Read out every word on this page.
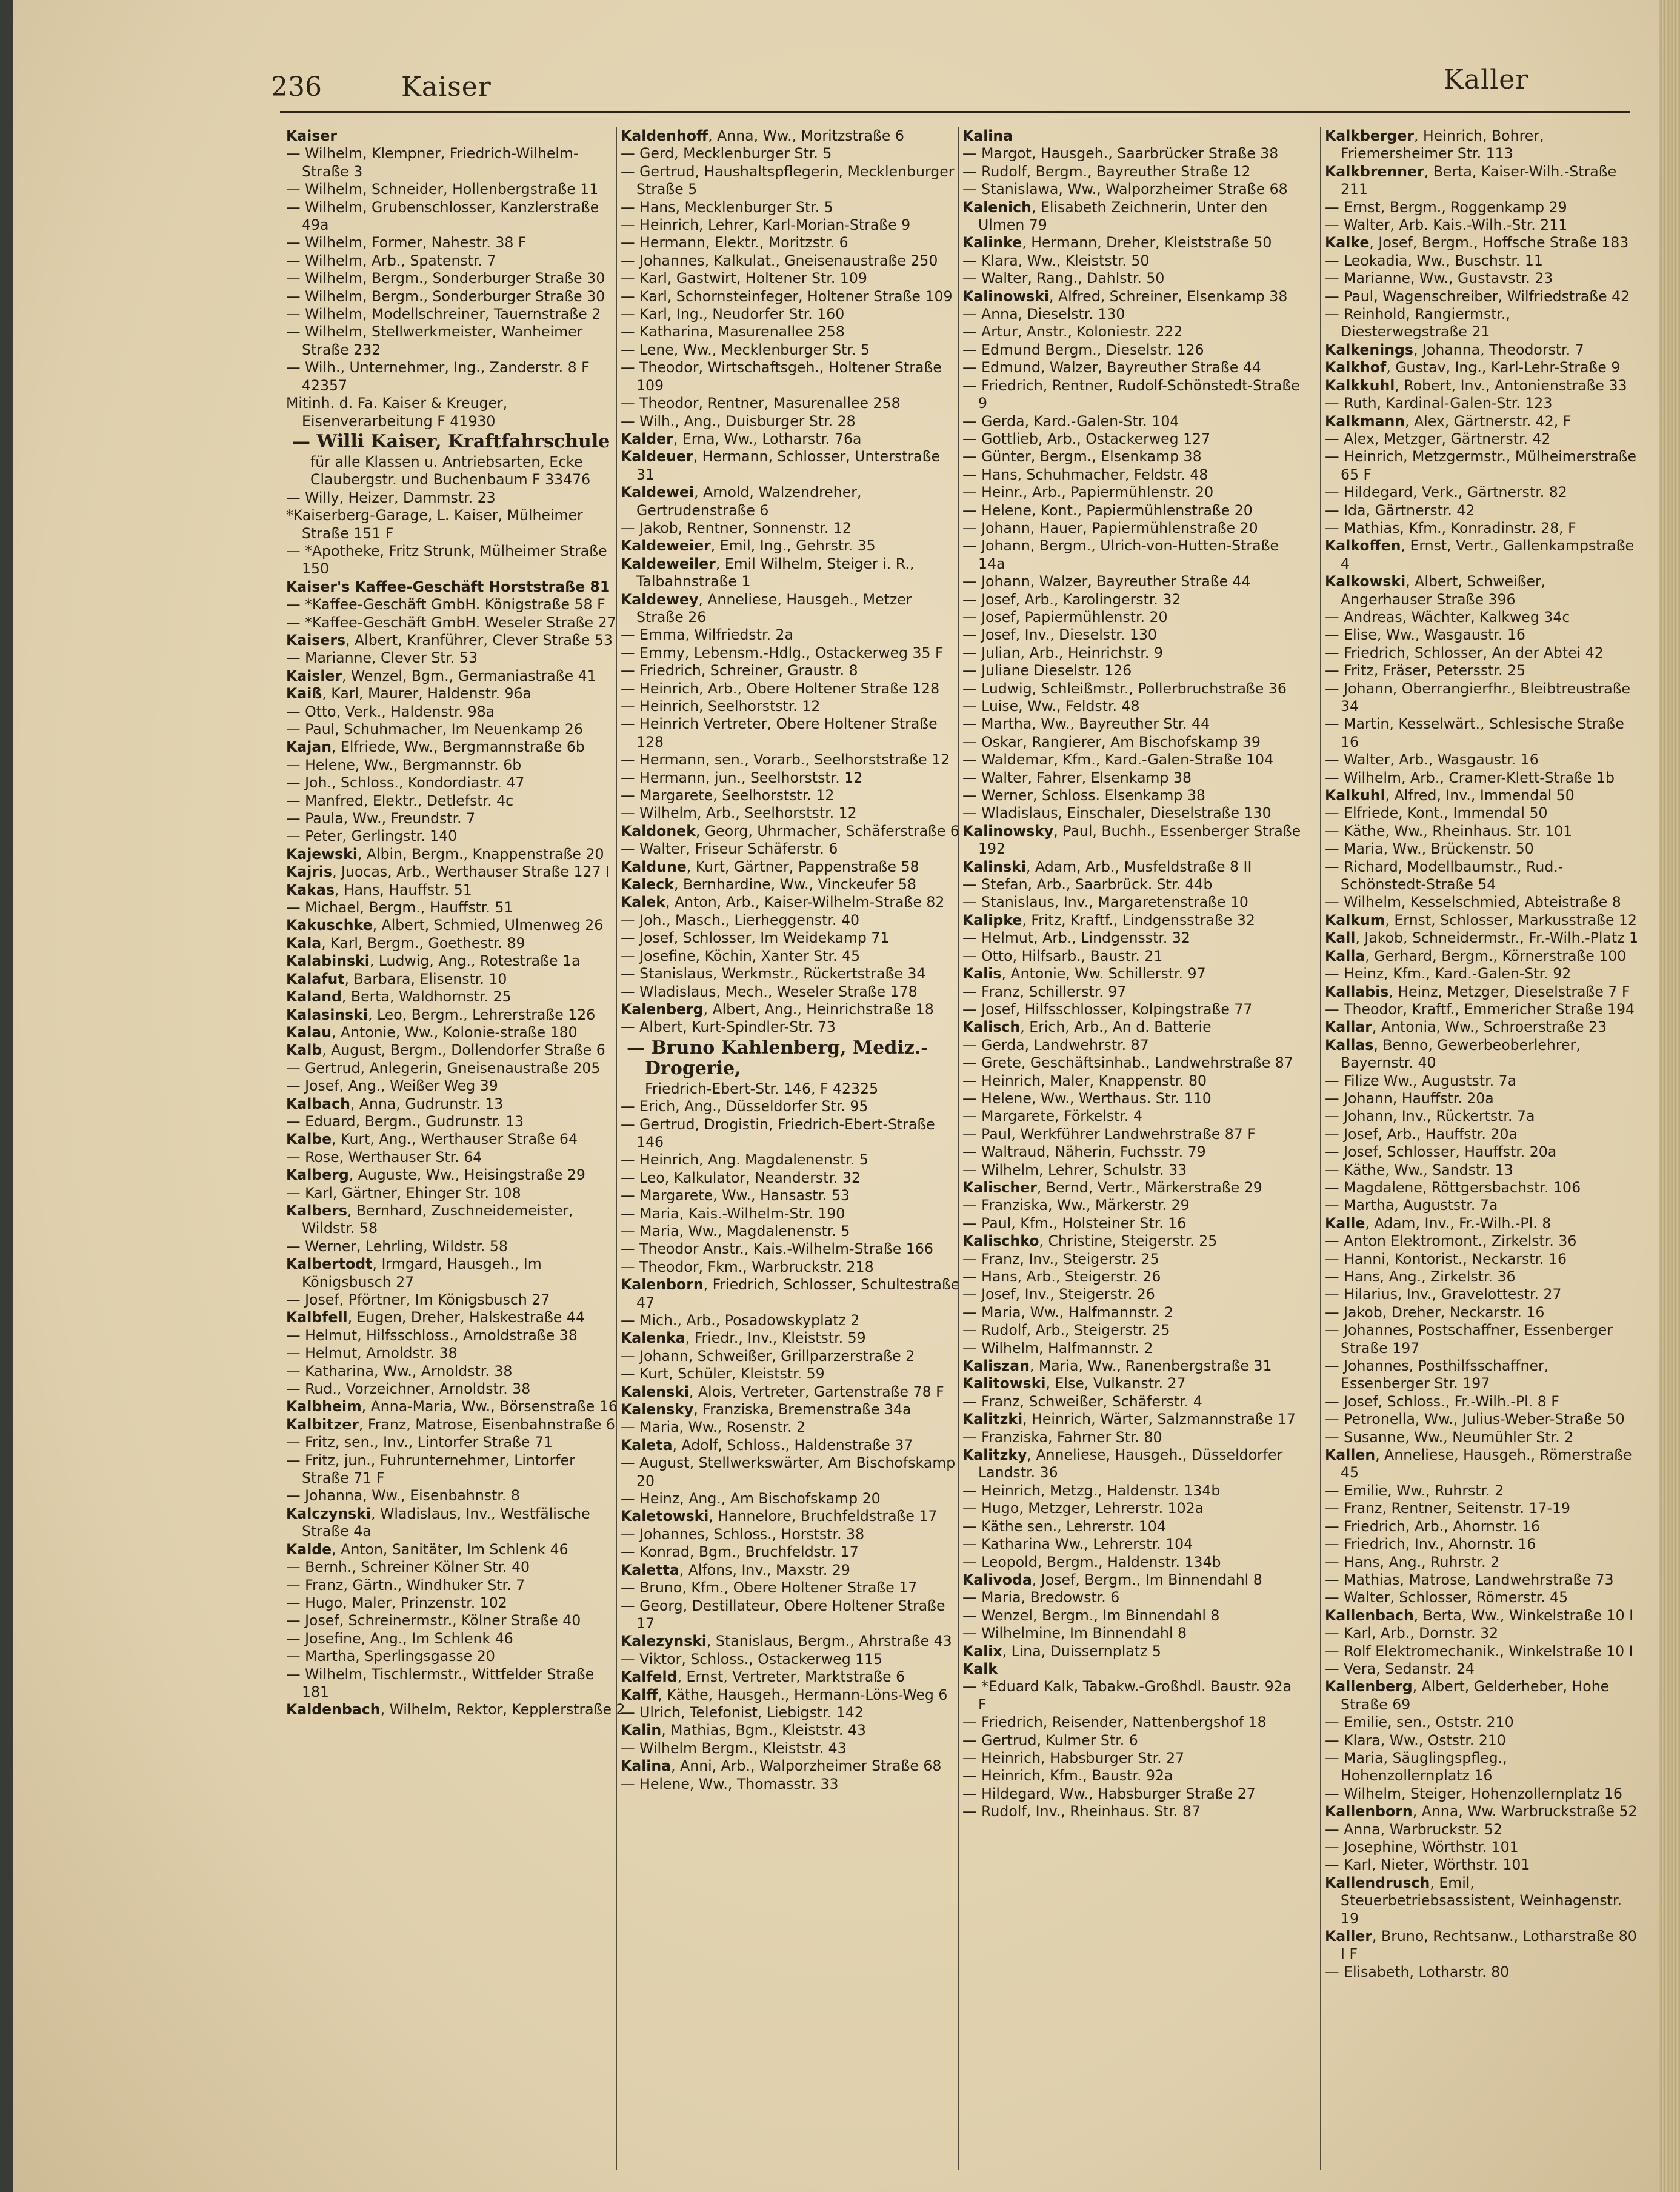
236	Kaiser	Kaller

Kaiser

— Wilhelm, Klempner, Friedrich-Wilhelm-Straße 3

— Wilhelm, Schneider, Hollenbergstraße 11

— Wilhelm, Grubenschlosser, Kanzlerstraße 49a

— Wilhelm, Former, Nahestr. 38 F

— Wilhelm, Arb., Spatenstr. 7

— Wilhelm, Bergm., Sonderburger Straße 30

— Wilhelm, Bergm., Sonderburger Straße 30

— Wilhelm, Modellschreiner, Tauernstraße 2

— Wilhelm, Stellwerkmeister, Wanheimer Straße 232

— Wilh., Unternehmer, Ing., Zanderstr. 8 F 42357

Mitinh. d. Fa. Kaiser & Kreuger, Eisenverarbeitung F 41930

— Willi Kaiser, Kraftfahrschule

für alle Klassen u. Antriebsarten, Ecke Claubergstr. und Buchenbaum F 33476

— Willy, Heizer, Dammstr. 23

*Kaiserberg-Garage, L. Kaiser, Mülheimer Straße 151 F

— *Apotheke, Fritz Strunk, Mülheimer Straße 150

Kaiser's Kaffee-Geschäft Horststraße 81

— *Kaffee-Geschäft GmbH. Königstraße 58 F

— *Kaffee-Geschäft GmbH. Weseler Straße 27

Kaisers, Albert, Kranführer, Clever Straße 53

— Marianne, Clever Str. 53

Kaisler, Wenzel, Bgm., Germaniastraße 41

Kaiß, Karl, Maurer, Haldenstr. 96a

— Otto, Verk., Haldenstr. 98a

— Paul, Schuhmacher, Im Neuenkamp 26

Kajan, Elfriede, Ww., Bergmannstraße 6b

— Helene, Ww., Bergmannstr. 6b

— Joh., Schloss., Kondordiastr. 47

— Manfred, Elektr., Detlefstr. 4c

— Paula, Ww., Freundstr. 7

— Peter, Gerlingstr. 140

Kajewski, Albin, Bergm., Knappenstraße 20

Kajris, Juocas, Arb., Werthauser Straße 127 I

Kakas, Hans, Hauffstr. 51

— Michael, Bergm., Hauffstr. 51

Kakuschke, Albert, Schmied, Ulmenweg 26

Kala, Karl, Bergm., Goethestr. 89

Kalabinski, Ludwig, Ang., Rotestraße 1a

Kalafut, Barbara, Elisenstr. 10

Kaland, Berta, Waldhornstr. 25

Kalasinski, Leo, Bergm., Lehrerstraße 126

Kalau, Antonie, Ww., Kolonie-straße 180

Kalb, August, Bergm., Dollendorfer Straße 6

— Gertrud, Anlegerin, Gneisenaustraße 205

— Josef, Ang., Weißer Weg 39

Kalbach, Anna, Gudrunstr. 13

— Eduard, Bergm., Gudrunstr. 13

Kalbe, Kurt, Ang., Werthauser Straße 64

— Rose, Werthauser Str. 64

Kalberg, Auguste, Ww., Heisingstraße 29

— Karl, Gärtner, Ehinger Str. 108

Kalbers, Bernhard, Zuschneidemeister, Wildstr. 58

— Werner, Lehrling, Wildstr. 58

Kalbertodt, Irmgard, Hausgeh., Im Königsbusch 27

— Josef, Pförtner, Im Königsbusch 27

Kalbfell, Eugen, Dreher, Halskestraße 44

— Helmut, Hilfsschloss., Arnoldstraße 38

— Helmut, Arnoldstr. 38

— Katharina, Ww., Arnoldstr. 38

— Rud., Vorzeichner, Arnoldstr. 38

Kalbheim, Anna-Maria, Ww., Börsenstraße 16

Kalbitzer, Franz, Matrose, Eisenbahnstraße 6

— Fritz, sen., Inv., Lintorfer Straße 71

— Fritz, jun., Fuhrunternehmer, Lintorfer Straße 71 F

— Johanna, Ww., Eisenbahnstr. 8

Kalczynski, Wladislaus, Inv., Westfälische Straße 4a

Kalde, Anton, Sanitäter, Im Schlenk 46

— Bernh., Schreiner Kölner Str. 40

— Franz, Gärtn., Windhuker Str. 7

— Hugo, Maler, Prinzenstr. 102

— Josef, Schreinermstr., Kölner Straße 40

— Josefine, Ang., Im Schlenk 46

— Martha, Sperlingsgasse 20

— Wilhelm, Tischlermstr., Wittfelder Straße 181

Kaldenbach, Wilhelm, Rektor, Kepplerstraße 2

Kaldenhoff, Anna, Ww., Moritzstraße 6

— Gerd, Mecklenburger Str. 5

— Gertrud, Haushaltspflegerin, Mecklenburger Straße 5

— Hans, Mecklenburger Str. 5

— Heinrich, Lehrer, Karl-Morian-Straße 9

— Hermann, Elektr., Moritzstr. 6

— Johannes, Kalkulat., Gneisenaustraße 250

— Karl, Gastwirt, Holtener Str. 109

— Karl, Schornsteinfeger, Holtener Straße 109

— Karl, Ing., Neudorfer Str. 160

— Katharina, Masurenallee 258

— Lene, Ww., Mecklenburger Str. 5

— Theodor, Wirtschaftsgeh., Holtener Straße 109

— Theodor, Rentner, Masurenallee 258

— Wilh., Ang., Duisburger Str. 28

Kalder, Erna, Ww., Lotharstr. 76a

Kaldeuer, Hermann, Schlosser, Unterstraße 31

Kaldewei, Arnold, Walzendreher, Gertrudenstraße 6

— Jakob, Rentner, Sonnenstr. 12

Kaldeweier, Emil, Ing., Gehrstr. 35

Kaldeweiler, Emil Wilhelm, Steiger i. R., Talbahnstraße 1

Kaldewey, Anneliese, Hausgeh., Metzer Straße 26

— Emma, Wilfriedstr. 2a

— Emmy, Lebensm.-Hdlg., Ostackerweg 35 F

— Friedrich, Schreiner, Graustr. 8

— Heinrich, Arb., Obere Holtener Straße 128

— Heinrich, Seelhorststr. 12

— Heinrich Vertreter, Obere Holtener Straße 128

— Hermann, sen., Vorarb., Seelhorststraße 12

— Hermann, jun., Seelhorststr. 12

— Margarete, Seelhorststr. 12

— Wilhelm, Arb., Seelhorststr. 12

Kaldonek, Georg, Uhrmacher, Schäferstraße 6

— Walter, Friseur Schäferstr. 6

Kaldune, Kurt, Gärtner, Pappenstraße 58

Kaleck, Bernhardine, Ww., Vinckeufer 58

Kalek, Anton, Arb., Kaiser-Wilhelm-Straße 82

— Joh., Masch., Lierheggenstr. 40

— Josef, Schlosser, Im Weidekamp 71

— Josefine, Köchin, Xanter Str. 45

— Stanislaus, Werkmstr., Rückertstraße 34

— Wladislaus, Mech., Weseler Straße 178

Kalenberg, Albert, Ang., Heinrichstraße 18

— Albert, Kurt-Spindler-Str. 73

— Bruno Kahlenberg, Mediz.-Drogerie,

Friedrich-Ebert-Str. 146, F 42325

— Erich, Ang., Düsseldorfer Str. 95

— Gertrud, Drogistin, Friedrich-Ebert-Straße 146

— Heinrich, Ang. Magdalenenstr. 5

— Leo, Kalkulator, Neanderstr. 32

— Margarete, Ww., Hansastr. 53

— Maria, Kais.-Wilhelm-Str. 190

— Maria, Ww., Magdalenenstr. 5

— Theodor Anstr., Kais.-Wilhelm-Straße 166

— Theodor, Fkm., Warbruckstr. 218

Kalenborn, Friedrich, Schlosser, Schultestraße 47

— Mich., Arb., Posadowskyplatz 2

Kalenka, Friedr., Inv., Kleiststr. 59

— Johann, Schweißer, Grillparzerstraße 2

— Kurt, Schüler, Kleiststr. 59

Kalenski, Alois, Vertreter, Gartenstraße 78 F

Kalensky, Franziska, Bremenstraße 34a

— Maria, Ww., Rosenstr. 2

Kaleta, Adolf, Schloss., Haldenstraße 37

— August, Stellwerkswärter, Am Bischofskamp 20

— Heinz, Ang., Am Bischofskamp 20

Kaletowski, Hannelore, Bruchfeldstraße 17

— Johannes, Schloss., Horststr. 38

— Konrad, Bgm., Bruchfeldstr. 17

Kaletta, Alfons, Inv., Maxstr. 29

— Bruno, Kfm., Obere Holtener Straße 17

— Georg, Destillateur, Obere Holtener Straße 17

Kalezynski, Stanislaus, Bergm., Ahrstraße 43

— Viktor, Schloss., Ostackerweg 115

Kalfeld, Ernst, Vertreter, Marktstraße 6

Kalff, Käthe, Hausgeh., Hermann-Löns-Weg 6

— Ulrich, Telefonist, Liebigstr. 142

Kalin, Mathias, Bgm., Kleiststr. 43

— Wilhelm Bergm., Kleiststr. 43

Kalina, Anni, Arb., Walporzheimer Straße 68

— Helene, Ww., Thomasstr. 33

Kalina

— Margot, Hausgeh., Saarbrücker Straße 38

— Rudolf, Bergm., Bayreuther Straße 12

— Stanislawa, Ww., Walporzheimer Straße 68

Kalenich, Elisabeth Zeichnerin, Unter den Ulmen 79

Kalinke, Hermann, Dreher, Kleiststraße 50

— Klara, Ww., Kleiststr. 50

— Walter, Rang., Dahlstr. 50

Kalinowski, Alfred, Schreiner, Elsenkamp 38

— Anna, Dieselstr. 130

— Artur, Anstr., Koloniestr. 222

— Edmund Bergm., Dieselstr. 126

— Edmund, Walzer, Bayreuther Straße 44

— Friedrich, Rentner, Rudolf-Schönstedt-Straße 9

— Gerda, Kard.-Galen-Str. 104

— Gottlieb, Arb., Ostackerweg 127

— Günter, Bergm., Elsenkamp 38

— Hans, Schuhmacher, Feldstr. 48

— Heinr., Arb., Papiermühlenstr. 20

— Helene, Kont., Papiermühlenstraße 20

— Johann, Hauer, Papiermühlenstraße 20

— Johann, Bergm., Ulrich-von-Hutten-Straße 14a

— Johann, Walzer, Bayreuther Straße 44

— Josef, Arb., Karolingerstr. 32

— Josef, Papiermühlenstr. 20

— Josef, Inv., Dieselstr. 130

— Julian, Arb., Heinrichstr. 9

— Juliane Dieselstr. 126

— Ludwig, Schleißmstr., Pollerbruchstraße 36

— Luise, Ww., Feldstr. 48

— Martha, Ww., Bayreuther Str. 44

— Oskar, Rangierer, Am Bischofskamp 39

— Waldemar, Kfm., Kard.-Galen-Straße 104

— Walter, Fahrer, Elsenkamp 38

— Werner, Schloss. Elsenkamp 38

— Wladislaus, Einschaler, Dieselstraße 130

Kalinowsky, Paul, Buchh., Essenberger Straße 192

Kalinski, Adam, Arb., Musfeldstraße 8 II

— Stefan, Arb., Saarbrück. Str. 44b

— Stanislaus, Inv., Margaretenstraße 10

Kalipke, Fritz, Kraftf., Lindgensstraße 32

— Helmut, Arb., Lindgensstr. 32

— Otto, Hilfsarb., Baustr. 21

Kalis, Antonie, Ww. Schillerstr. 97

— Franz, Schillerstr. 97

— Josef, Hilfsschlosser, Kolpingstraße 77

Kalisch, Erich, Arb., An d. Batterie

— Gerda, Landwehrstr. 87

— Grete, Geschäftsinhab., Landwehrstraße 87

— Heinrich, Maler, Knappenstr. 80

— Helene, Ww., Werthaus. Str. 110

— Margarete, Förkelstr. 4

— Paul, Werkführer Landwehrstraße 87 F

— Waltraud, Näherin, Fuchsstr. 79

— Wilhelm, Lehrer, Schulstr. 33

Kalischer, Bernd, Vertr., Märkerstraße 29

— Franziska, Ww., Märkerstr. 29

— Paul, Kfm., Holsteiner Str. 16

Kalischko, Christine, Steigerstr. 25

— Franz, Inv., Steigerstr. 25

— Hans, Arb., Steigerstr. 26

— Josef, Inv., Steigerstr. 26

— Maria, Ww., Halfmannstr. 2

— Rudolf, Arb., Steigerstr. 25

— Wilhelm, Halfmannstr. 2

Kaliszan, Maria, Ww., Ranenbergstraße 31

Kalitowski, Else, Vulkanstr. 27

— Franz, Schweißer, Schäferstr. 4

Kalitzki, Heinrich, Wärter, Salzmannstraße 17

— Franziska, Fahrner Str. 80

Kalitzky, Anneliese, Hausgeh., Düsseldorfer Landstr. 36

— Heinrich, Metzg., Haldenstr. 134b

— Hugo, Metzger, Lehrerstr. 102a

— Käthe sen., Lehrerstr. 104

— Katharina Ww., Lehrerstr. 104

— Leopold, Bergm., Haldenstr. 134b

Kalivoda, Josef, Bergm., Im Binnendahl 8

— Maria, Bredowstr. 6

— Wenzel, Bergm., Im Binnendahl 8

— Wilhelmine, Im Binnendahl 8

Kalix, Lina, Duissernplatz 5

Kalk

— *Eduard Kalk, Tabakw.-Großhdl. Baustr. 92a F

— Friedrich, Reisender, Nattenbergshof 18

— Gertrud, Kulmer Str. 6

— Heinrich, Habsburger Str. 27

— Heinrich, Kfm., Baustr. 92a

— Hildegard, Ww., Habsburger Straße 27

— Rudolf, Inv., Rheinhaus. Str. 87

Kalkberger, Heinrich, Bohrer, Friemersheimer Str. 113

Kalkbrenner, Berta, Kaiser-Wilh.-Straße 211

— Ernst, Bergm., Roggenkamp 29

— Walter, Arb. Kais.-Wilh.-Str. 211

Kalke, Josef, Bergm., Hoffsche Straße 183

— Leokadia, Ww., Buschstr. 11

— Marianne, Ww., Gustavstr. 23

— Paul, Wagenschreiber, Wilfriedstraße 42

— Reinhold, Rangiermstr., Diesterwegstraße 21

Kalkenings, Johanna, Theodorstr. 7

Kalkhof, Gustav, Ing., Karl-Lehr-Straße 9

Kalkkuhl, Robert, Inv., Antonienstraße 33

— Ruth, Kardinal-Galen-Str. 123

Kalkmann, Alex, Gärtnerstr. 42, F

— Alex, Metzger, Gärtnerstr. 42

— Heinrich, Metzgermstr., Mülheimerstraße 65 F

— Hildegard, Verk., Gärtnerstr. 82

— Ida, Gärtnerstr. 42

— Mathias, Kfm., Konradinstr. 28, F

Kalkoffen, Ernst, Vertr., Gallenkampstraße 4

Kalkowski, Albert, Schweißer, Angerhauser Straße 396

— Andreas, Wächter, Kalkweg 34c

— Elise, Ww., Wasgaustr. 16

— Friedrich, Schlosser, An der Abtei 42

— Fritz, Fräser, Petersstr. 25

— Johann, Oberrangierfhr., Bleibtreustraße 34

— Martin, Kesselwärt., Schlesische Straße 16

— Walter, Arb., Wasgaustr. 16

— Wilhelm, Arb., Cramer-Klett-Straße 1b

Kalkuhl, Alfred, Inv., Immendal 50

— Elfriede, Kont., Immendal 50

— Käthe, Ww., Rheinhaus. Str. 101

— Maria, Ww., Brückenstr. 50

— Richard, Modellbaumstr., Rud.-Schönstedt-Straße 54

— Wilhelm, Kesselschmied, Abteistraße 8

Kalkum, Ernst, Schlosser, Markusstraße 12

Kall, Jakob, Schneidermstr., Fr.-Wilh.-Platz 1

Kalla, Gerhard, Bergm., Körnerstraße 100

— Heinz, Kfm., Kard.-Galen-Str. 92

Kallabis, Heinz, Metzger, Dieselstraße 7 F

— Theodor, Kraftf., Emmericher Straße 194

Kallar, Antonia, Ww., Schroerstraße 23

Kallas, Benno, Gewerbeoberlehrer, Bayernstr. 40

— Filize Ww., Auguststr. 7a

— Johann, Hauffstr. 20a

— Johann, Inv., Rückertstr. 7a

— Josef, Arb., Hauffstr. 20a

— Josef, Schlosser, Hauffstr. 20a

— Käthe, Ww., Sandstr. 13

— Magdalene, Röttgersbachstr. 106

— Martha, Auguststr. 7a

Kalle, Adam, Inv., Fr.-Wilh.-Pl. 8

— Anton Elektromont., Zirkelstr. 36

— Hanni, Kontorist., Neckarstr. 16

— Hans, Ang., Zirkelstr. 36

— Hilarius, Inv., Gravelottestr. 27

— Jakob, Dreher, Neckarstr. 16

— Johannes, Postschaffner, Essenberger Straße 197

— Johannes, Posthilfsschaffner, Essenberger Str. 197

— Josef, Schloss., Fr.-Wilh.-Pl. 8 F

— Petronella, Ww., Julius-Weber-Straße 50

— Susanne, Ww., Neumühler Str. 2

Kallen, Anneliese, Hausgeh., Römerstraße 45

— Emilie, Ww., Ruhrstr. 2

— Franz, Rentner, Seitenstr. 17-19

— Friedrich, Arb., Ahornstr. 16

— Friedrich, Inv., Ahornstr. 16

— Hans, Ang., Ruhrstr. 2

— Mathias, Matrose, Landwehrstraße 73

— Walter, Schlosser, Römerstr. 45

Kallenbach, Berta, Ww., Winkelstraße 10 I

— Karl, Arb., Dornstr. 32

— Rolf Elektromechanik., Winkelstraße 10 I

— Vera, Sedanstr. 24

Kallenberg, Albert, Gelderheber, Hohe Straße 69

— Emilie, sen., Oststr. 210

— Klara, Ww., Oststr. 210

— Maria, Säuglingspfleg., Hohenzollernplatz 16

— Wilhelm, Steiger, Hohenzollernplatz 16

Kallenborn, Anna, Ww. Warbruckstraße 52

— Anna, Warbruckstr. 52

— Josephine, Wörthstr. 101

— Karl, Nieter, Wörthstr. 101

Kallendrusch, Emil, Steuerbetriebsassistent, Weinhagenstr. 19

Kaller, Bruno, Rechtsanw., Lotharstraße 80 I F

— Elisabeth, Lotharstr. 80
